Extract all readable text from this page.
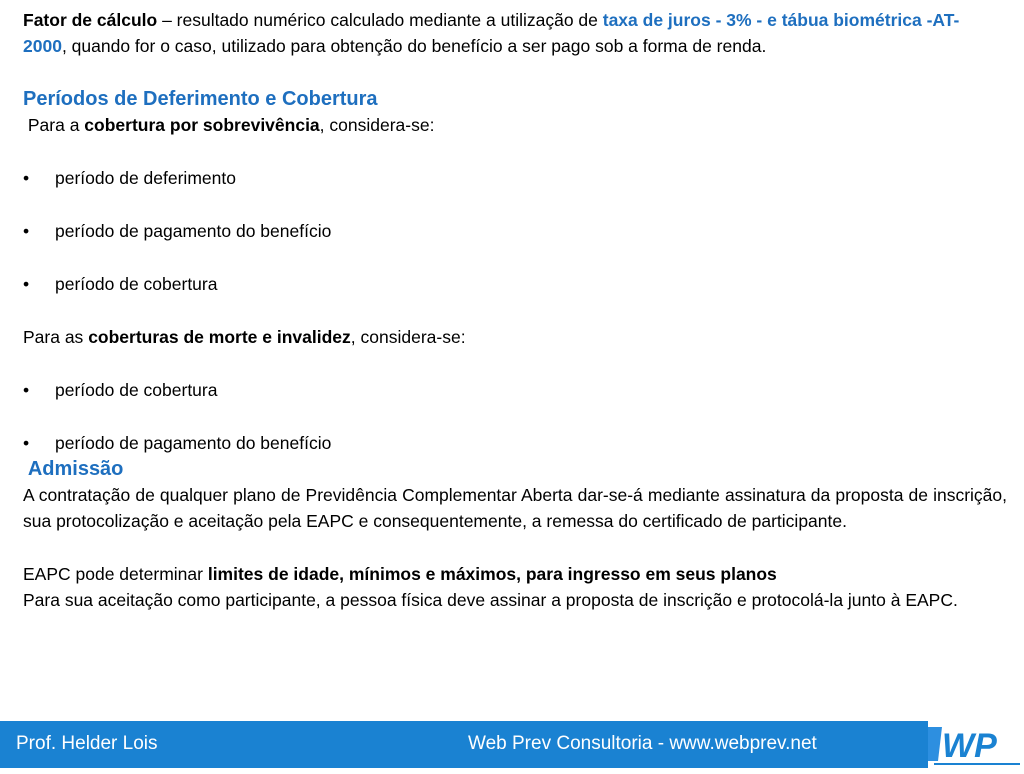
Fator de cálculo – resultado numérico calculado mediante a utilização de taxa de juros - 3% - e tábua biométrica -AT- 2000, quando for o caso, utilizado para obtenção do benefício a ser pago sob a forma de renda.

Períodos de Deferimento e Cobertura

Para a cobertura por sobrevivência, considera-se:

•	período de deferimento
•	período de pagamento do benefício
•	período de cobertura

Para as coberturas de morte e invalidez, considera-se:

•	período de cobertura
•	período de pagamento do benefício
Admissão

A contratação de qualquer plano de Previdência Complementar Aberta dar-se-á mediante assinatura da proposta de inscrição, sua protocolização e aceitação pela EAPC e consequentemente, a remessa do certificado de participante.

EAPC pode determinar limites de idade, mínimos e máximos, para ingresso em seus planos

Para sua aceitação como participante, a pessoa física deve assinar a proposta de inscrição e protocolá-la junto à EAPC.

Prof. Helder Lois	Web Prev Consultoria - www.webprev.net	WP
